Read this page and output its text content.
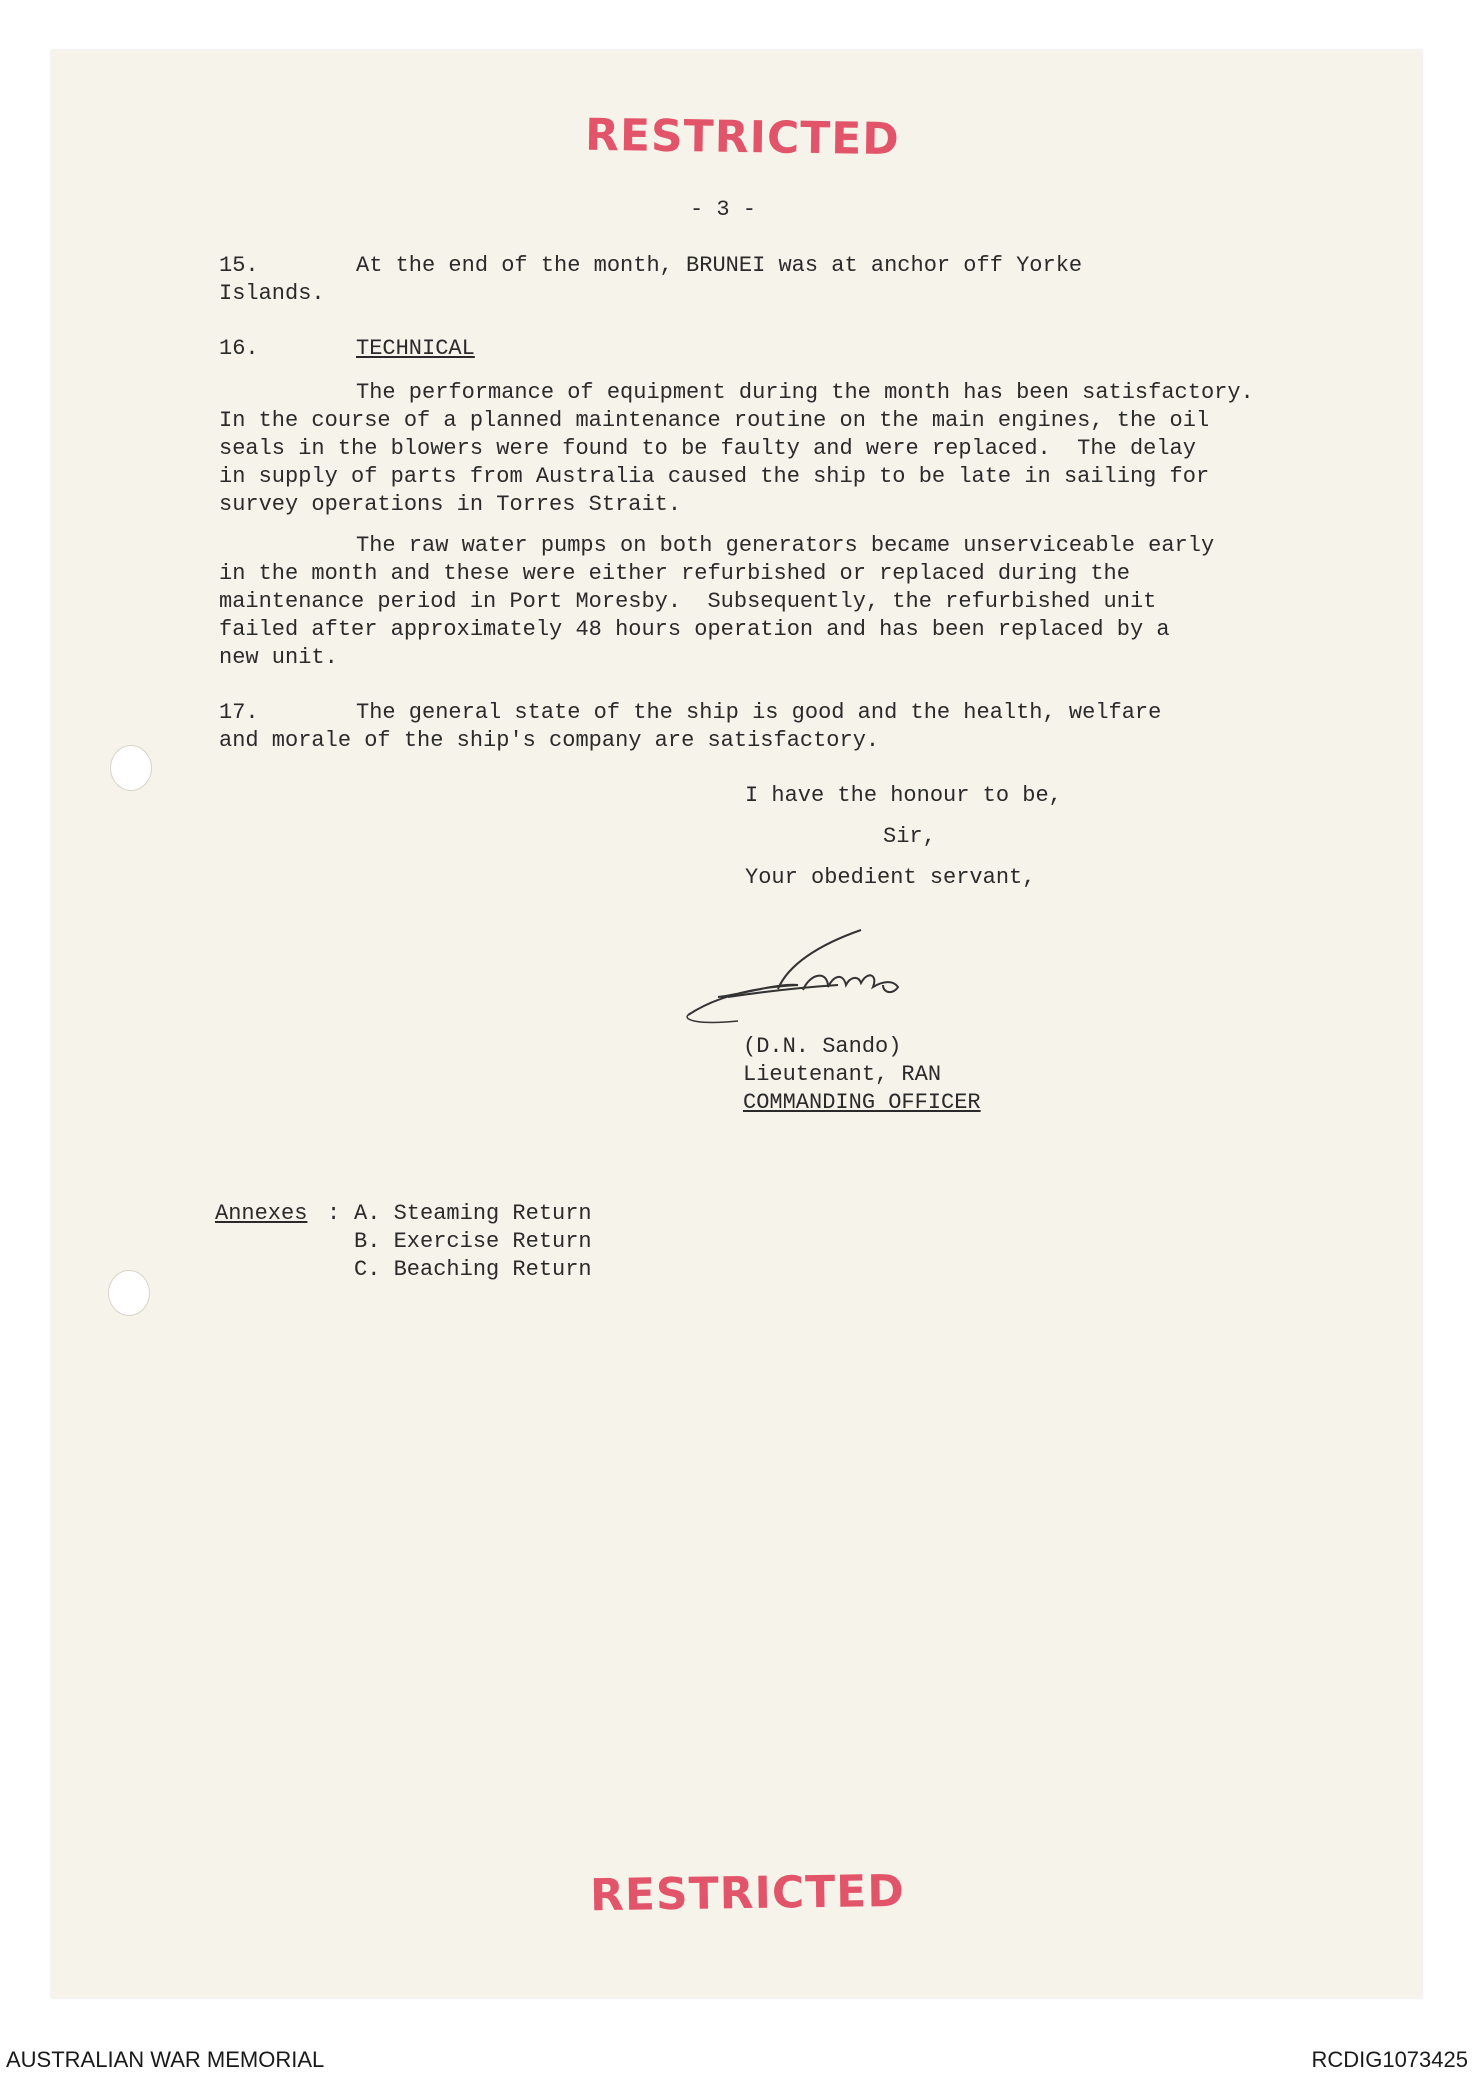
RESTRICTED
- 3 -
15.	At the end of the month, BRUNEI was at anchor off Yorke
Islands.
16.	TECHNICAL
The performance of equipment during the month has been satisfactory.
In the course of a planned maintenance routine on the main engines, the oil
seals in the blowers were found to be faulty and were replaced.  The delay
in supply of parts from Australia caused the ship to be late in sailing for
survey operations in Torres Strait.
The raw water pumps on both generators became unserviceable early
in the month and these were either refurbished or replaced during the
maintenance period in Port Moresby.  Subsequently, the refurbished unit
failed after approximately 48 hours operation and has been replaced by a
new unit.
17.	The general state of the ship is good and the health, welfare
and morale of the ship's company are satisfactory.
I have the honour to be,
Sir,
Your obedient servant,
(D.N. Sando)
Lieutenant, RAN
COMMANDING OFFICER
Annexes : A. Steaming Return
B. Exercise Return
C. Beaching Return
RESTRICTED
AUSTRALIAN WAR MEMORIAL	RCDIG1073425
